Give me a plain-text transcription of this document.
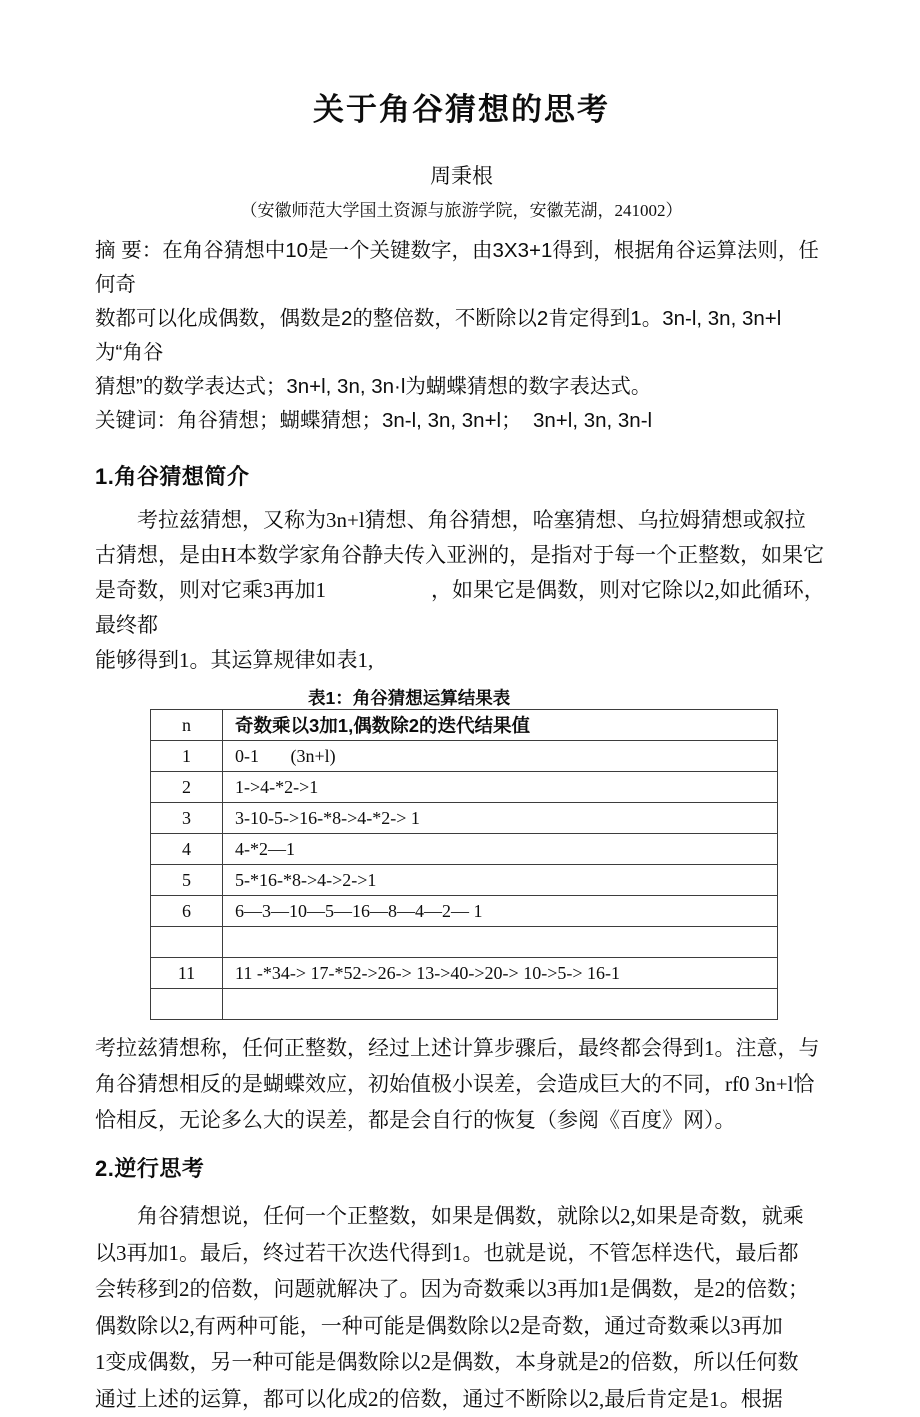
关于角谷猜想的思考
周秉根
（安徽师范大学国土资源与旅游学院，安徽芜湖，241002）
摘 要：在角谷猜想中10是一个关键数字，由3X3+1得到，根据角谷运算法则，任何奇
数都可以化成偶数，偶数是2的整倍数，不断除以2肯定得到1。3n-l, 3n, 3n+l为“角谷
猜想”的数学表达式；3n+l, 3n, 3n·l为蝴蝶猜想的数字表达式。
关键词：角谷猜想；蝴蝶猜想；3n-l, 3n, 3n+l；  3n+l, 3n, 3n-l
1.角谷猜想简介
考拉兹猜想，又称为3n+l猜想、角谷猜想，哈塞猜想、乌拉姆猜想或叙拉
古猜想，是由H本数学家角谷静夫传入亚洲的，是指对于每一个正整数，如果它
是奇数，则对它乘3再加1　　　　　，如果它是偶数，则对它除以2,如此循环，最终都
能够得到1。其运算规律如表1,
表1：角谷猜想运算结果表
n	奇数乘以3加1,偶数除2的迭代结果值
1	0-1       (3n+l)
2	1->4-*2->1
3	3-10-5->16-*8->4-*2-> 1
4	4-*2—1
5	5-*16-*8->4->2->1
6	6—3—10—5—16—8—4—2— 1

11	11 -*34-> 17-*52->26-> 13->40->20-> 10->5-> 16-1

考拉兹猜想称，任何正整数，经过上述计算步骤后，最终都会得到1。注意，与
角谷猜想相反的是蝴蝶效应，初始值极小误差，会造成巨大的不同，rf0 3n+l恰
恰相反，无论多么大的误差，都是会自行的恢复（参阅《百度》网）。
2.逆行思考
角谷猜想说，任何一个正整数，如果是偶数，就除以2,如果是奇数，就乘
以3再加1。最后，终过若干次迭代得到1。也就是说，不管怎样迭代，最后都
会转移到2的倍数，问题就解决了。因为奇数乘以3再加1是偶数，是2的倍数；
偶数除以2,有两种可能，一种可能是偶数除以2是奇数，通过奇数乘以3再加
1变成偶数，另一种可能是偶数除以2是偶数，本身就是2的倍数，所以任何数
通过上述的运算，都可以化成2的倍数，通过不断除以2,最后肯定是1。根据
